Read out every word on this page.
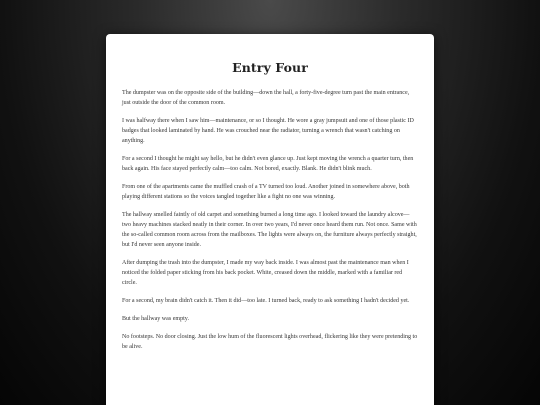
Entry Four

The dumpster was on the opposite side of the building—down the hall, a forty-five-degree turn past the main entrance, just outside the door of the common room.

I was halfway there when I saw him—maintenance, or so I thought. He wore a gray jumpsuit and one of those plastic ID badges that looked laminated by hand. He was crouched near the radiator, turning a wrench that wasn't catching on anything.

For a second I thought he might say hello, but he didn't even glance up. Just kept moving the wrench a quarter turn, then back again. His face stayed perfectly calm—too calm. Not bored, exactly. Blank. He didn't blink much.

From one of the apartments came the muffled crash of a TV turned too loud. Another joined in somewhere above, both playing different stations so the voices tangled together like a fight no one was winning.

The hallway smelled faintly of old carpet and something burned a long time ago. I looked toward the laundry alcove—two heavy machines stacked neatly in their corner. In over two years, I'd never once heard them run. Not once. Same with the so-called common room across from the mailboxes. The lights were always on, the furniture always perfectly straight, but I'd never seen anyone inside.

After dumping the trash into the dumpster, I made my way back inside. I was almost past the maintenance man when I noticed the folded paper sticking from his back pocket. White, creased down the middle, marked with a familiar red circle.

For a second, my brain didn't catch it. Then it did—too late. I turned back, ready to ask something I hadn't decided yet.

But the hallway was empty.

No footsteps. No door closing. Just the low hum of the fluorescent lights overhead, flickering like they were pretending to be alive.
